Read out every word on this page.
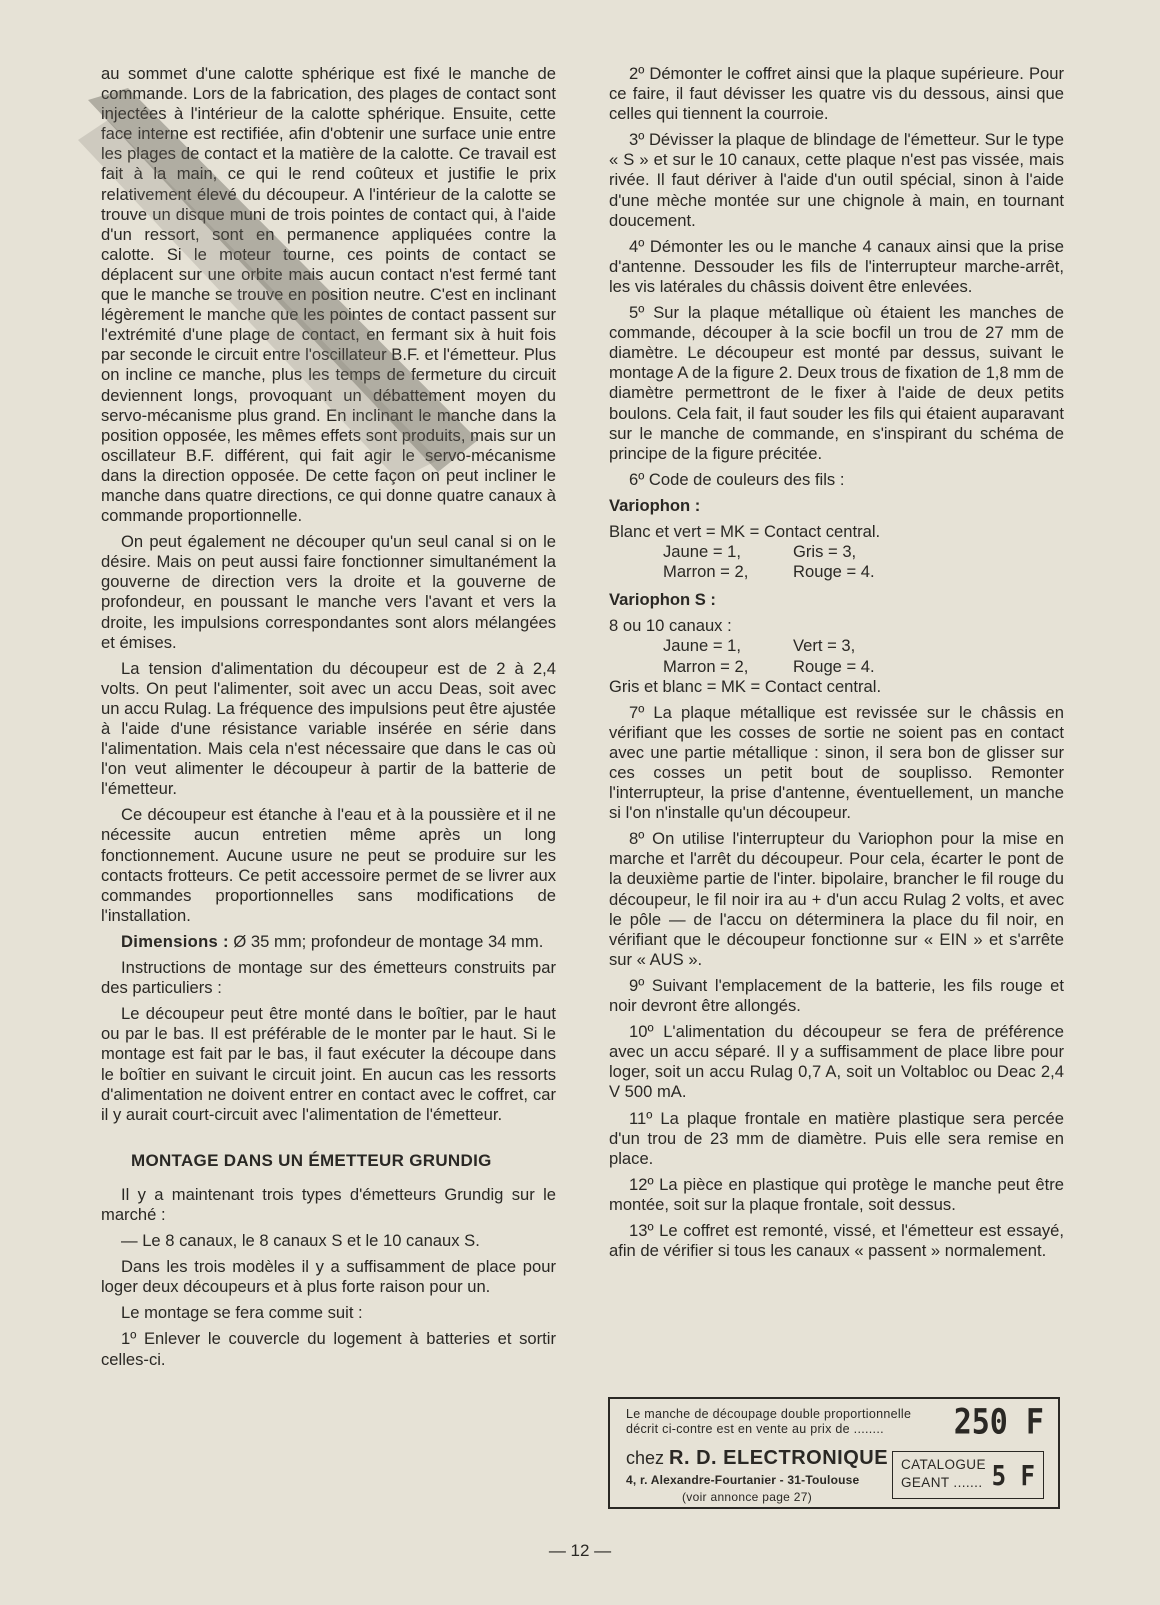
au sommet d'une calotte sphérique est fixé le manche de commande. Lors de la fabrication, des plages de contact sont injectées à l'intérieur de la calotte sphérique. Ensuite, cette face interne est rectifiée, afin d'obtenir une surface unie entre les plages de contact et la matière de la calotte. Ce travail est fait à la main, ce qui le rend coûteux et justifie le prix relativement élevé du découpeur. A l'intérieur de la calotte se trouve un disque muni de trois pointes de contact qui, à l'aide d'un ressort, sont en permanence appliquées contre la calotte. Si le moteur tourne, ces points de contact se déplacent sur une orbite mais aucun contact n'est fermé tant que le manche se trouve en position neutre. C'est en inclinant légèrement le manche que les pointes de contact passent sur l'extrémité d'une plage de contact, en fermant six à huit fois par seconde le circuit entre l'oscillateur B.F. et l'émetteur. Plus on incline ce manche, plus les temps de fermeture du circuit deviennent longs, provoquant un débattement moyen du servo-mécanisme plus grand. En inclinant le manche dans la position opposée, les mêmes effets sont produits, mais sur un oscillateur B.F. différent, qui fait agir le servo-mécanisme dans la direction opposée. De cette façon on peut incliner le manche dans quatre directions, ce qui donne quatre canaux à commande proportionnelle.

On peut également ne découper qu'un seul canal si on le désire. Mais on peut aussi faire fonctionner simultanément la gouverne de direction vers la droite et la gouverne de profondeur, en poussant le manche vers l'avant et vers la droite, les impulsions correspondantes sont alors mélangées et émises.

La tension d'alimentation du découpeur est de 2 à 2,4 volts. On peut l'alimenter, soit avec un accu Deas, soit avec un accu Rulag. La fréquence des impulsions peut être ajustée à l'aide d'une résistance variable insérée en série dans l'alimentation. Mais cela n'est nécessaire que dans le cas où l'on veut alimenter le découpeur à partir de la batterie de l'émetteur.

Ce découpeur est étanche à l'eau et à la poussière et il ne nécessite aucun entretien même après un long fonctionnement. Aucune usure ne peut se produire sur les contacts frotteurs. Ce petit accessoire permet de se livrer aux commandes proportionnelles sans modifications de l'installation.

Dimensions : Ø 35 mm; profondeur de montage 34 mm.

Instructions de montage sur des émetteurs construits par des particuliers :

Le découpeur peut être monté dans le boîtier, par le haut ou par le bas. Il est préférable de le monter par le haut. Si le montage est fait par le bas, il faut exécuter la découpe dans le boîtier en suivant le circuit joint. En aucun cas les ressorts d'alimentation ne doivent entrer en contact avec le coffret, car il y aurait court-circuit avec l'alimentation de l'émetteur.

MONTAGE DANS UN ÉMETTEUR GRUNDIG

Il y a maintenant trois types d'émetteurs Grundig sur le marché :

— Le 8 canaux, le 8 canaux S et le 10 canaux S.

Dans les trois modèles il y a suffisamment de place pour loger deux découpeurs et à plus forte raison pour un.

Le montage se fera comme suit :

1º Enlever le couvercle du logement à batteries et sortir celles-ci.

2º Démonter le coffret ainsi que la plaque supérieure. Pour ce faire, il faut dévisser les quatre vis du dessous, ainsi que celles qui tiennent la courroie.

3º Dévisser la plaque de blindage de l'émetteur. Sur le type « S » et sur le 10 canaux, cette plaque n'est pas vissée, mais rivée. Il faut dériver à l'aide d'un outil spécial, sinon à l'aide d'une mèche montée sur une chignole à main, en tournant doucement.

4º Démonter les ou le manche 4 canaux ainsi que la prise d'antenne. Dessouder les fils de l'interrupteur marche-arrêt, les vis latérales du châssis doivent être enlevées.

5º Sur la plaque métallique où étaient les manches de commande, découper à la scie bocfil un trou de 27 mm de diamètre. Le découpeur est monté par dessus, suivant le montage A de la figure 2. Deux trous de fixation de 1,8 mm de diamètre permettront de le fixer à l'aide de deux petits boulons. Cela fait, il faut souder les fils qui étaient auparavant sur le manche de commande, en s'inspirant du schéma de principe de la figure précitée.

6º Code de couleurs des fils :

Variophon :
Blanc et vert = MK = Contact central.
Jaune = 1,	Gris = 3,
Marron = 2,	Rouge = 4.
Variophon S :
8 ou 10 canaux :
Jaune = 1,	Vert = 3,
Marron = 2,	Rouge = 4.
Gris et blanc = MK = Contact central.

7º La plaque métallique est revissée sur le châssis en vérifiant que les cosses de sortie ne soient pas en contact avec une partie métallique : sinon, il sera bon de glisser sur ces cosses un petit bout de souplisso. Remonter l'interrupteur, la prise d'antenne, éventuellement, un manche si l'on n'installe qu'un découpeur.

8º On utilise l'interrupteur du Variophon pour la mise en marche et l'arrêt du découpeur. Pour cela, écarter le pont de la deuxième partie de l'inter. bipolaire, brancher le fil rouge du découpeur, le fil noir ira au + d'un accu Rulag 2 volts, et avec le pôle — de l'accu on déterminera la place du fil noir, en vérifiant que le découpeur fonctionne sur « EIN » et s'arrête sur « AUS ».

9º Suivant l'emplacement de la batterie, les fils rouge et noir devront être allongés.

10º L'alimentation du découpeur se fera de préférence avec un accu séparé. Il y a suffisamment de place libre pour loger, soit un accu Rulag 0,7 A, soit un Voltabloc ou Deac 2,4 V 500 mA.

11º La plaque frontale en matière plastique sera percée d'un trou de 23 mm de diamètre. Puis elle sera remise en place.

12º La pièce en plastique qui protège le manche peut être montée, soit sur la plaque frontale, soit dessus.

13º Le coffret est remonté, vissé, et l'émetteur est essayé, afin de vérifier si tous les canaux « passent » normalement.

Le manche de découpage double proportionnelle
décrit ci-contre est en vente au prix de ........	250 F
chez R. D. ELECTRONIQUE
4, r. Alexandre-Fourtanier - 31-Toulouse
(voir annonce page 27)
CATALOGUE
GEANT ....... 5 F
— 12 —
